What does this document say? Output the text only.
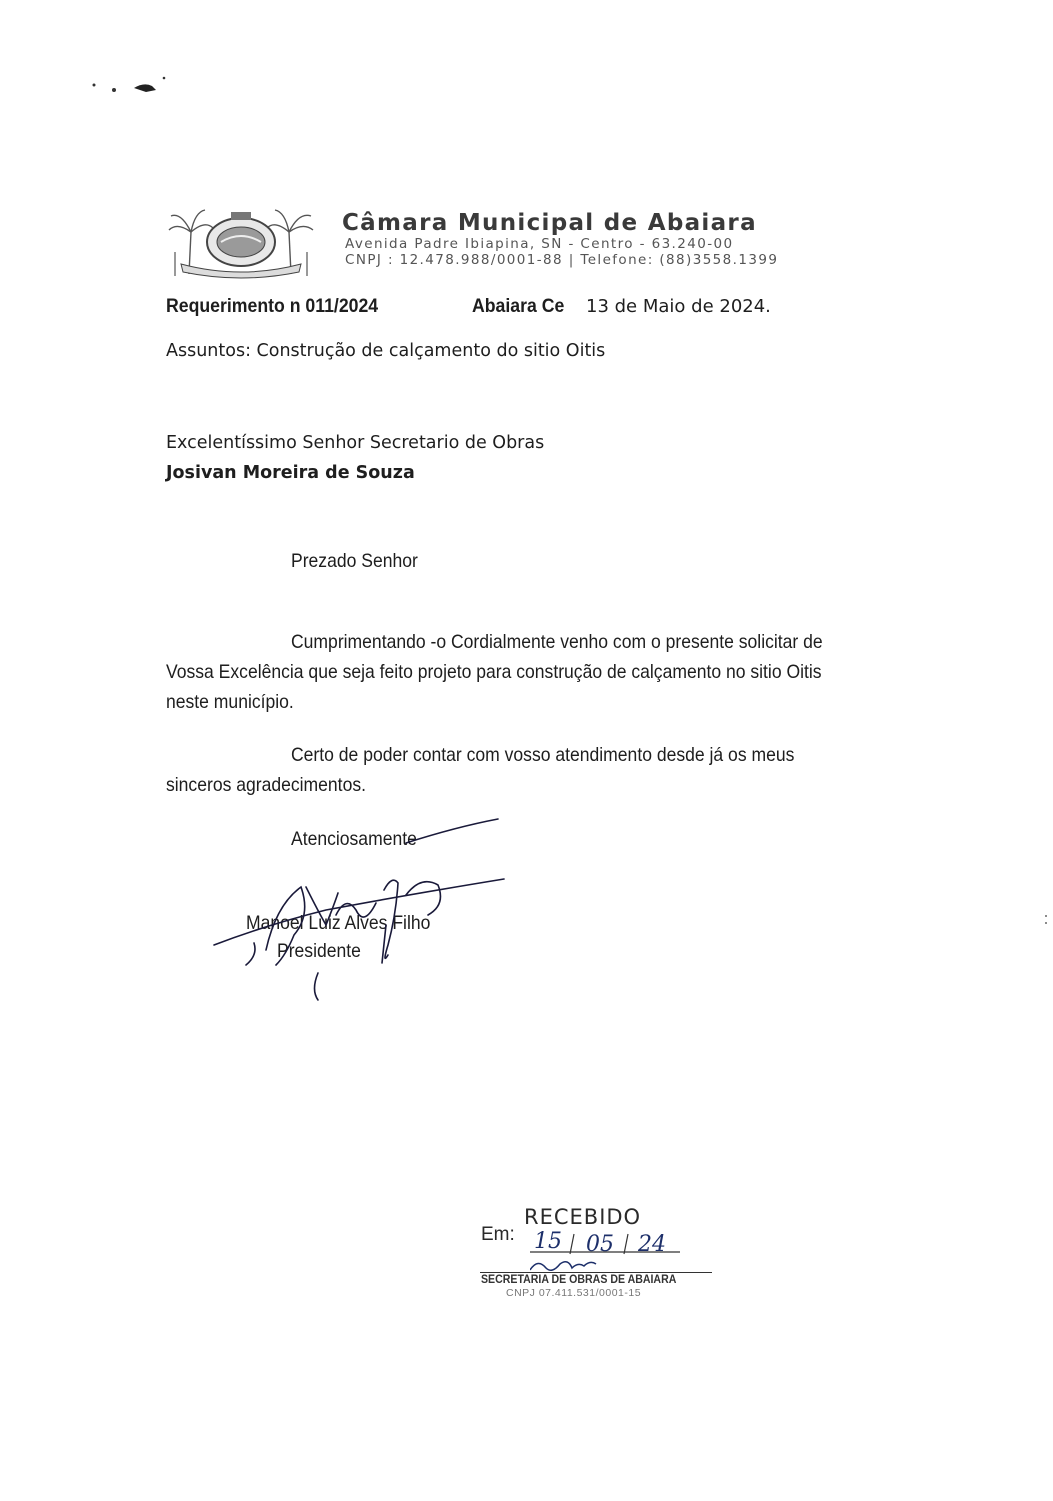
Câmara Municipal de Abaiara
Avenida Padre Ibiapina, SN - Centro - 63.240-00
CNPJ : 12.478.988/0001-88 | Telefone: (88)3558.1399
Requerimento n 011/2024	Abaiara Ce 13 de Maio de 2024.
Assuntos: Construção de calçamento do sitio Oitis
Excelentíssimo Senhor Secretario de Obras
Josivan Moreira de Souza
Prezado Senhor
Cumprimentando -o Cordialmente venho com o presente solicitar de
Vossa Excelência que seja feito projeto para construção de calçamento no sitio Oitis
neste município.
Certo de poder contar com vosso atendimento desde já os meus
sinceros agradecimentos.
Atenciosamente
Manoel Luiz Alves Filho
Presidente
RECEBIDO
Em: 15 05 24
SECRETARIA DE OBRAS DE ABAIARA
CNPJ 07.411.531/0001-15
